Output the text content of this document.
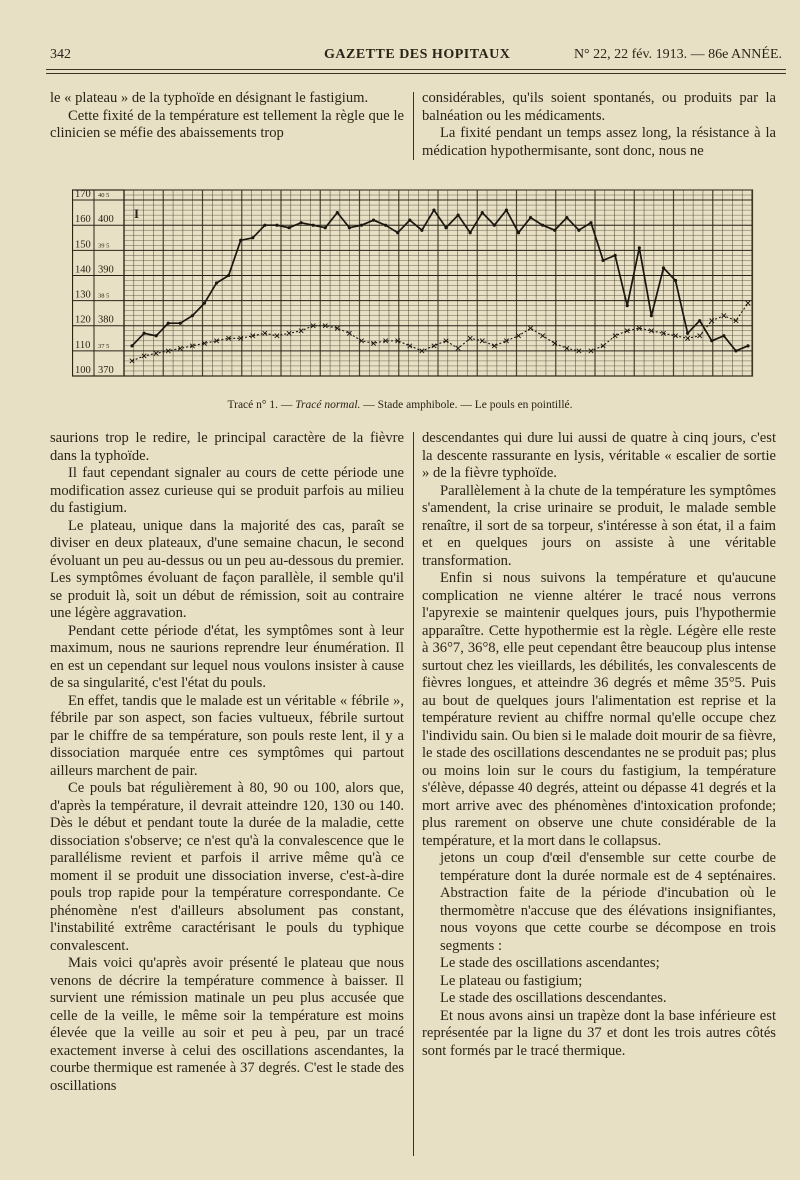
342	GAZETTE DES HOPITAUX	N° 22, 22 fév. 1913. — 86e ANNÉE.

le « plateau » de la typhoïde en désignant le fastigium.

Cette fixité de la température est tellement la règle que le clinicien se méfie des abaissements trop

considérables, qu'ils soient spontanés, ou produits par la balnéation ou les médicaments.

La fixité pendant un temps assez long, la résistance à la médication hypothermisante, sont donc, nous ne

170 40 5
160 400
150 39 5
140 390
130 38 5
120 380
110 37 5
100 370
I
Tracé n° 1. — Tracé normal. — Stade amphibole. — Le pouls en pointillé.

saurions trop le redire, le principal caractère de la fièvre dans la typhoïde.

Il faut cependant signaler au cours de cette période une modification assez curieuse qui se produit parfois au milieu du fastigium.

Le plateau, unique dans la majorité des cas, paraît se diviser en deux plateaux, d'une semaine chacun, le second évoluant un peu au-dessus ou un peu au-dessous du premier. Les symptômes évoluant de façon parallèle, il semble qu'il se produit là, soit un début de rémission, soit au contraire une légère aggravation.

Pendant cette période d'état, les symptômes sont à leur maximum, nous ne saurions reprendre leur énumération. Il en est un cependant sur lequel nous voulons insister à cause de sa singularité, c'est l'état du pouls.

En effet, tandis que le malade est un véritable « fébrile », fébrile par son aspect, son facies vultueux, fébrile surtout par le chiffre de sa température, son pouls reste lent, il y a dissociation marquée entre ces symptômes qui partout ailleurs marchent de pair.

Ce pouls bat régulièrement à 80, 90 ou 100, alors que, d'après la température, il devrait atteindre 120, 130 ou 140. Dès le début et pendant toute la durée de la maladie, cette dissociation s'observe; ce n'est qu'à la convalescence que le parallélisme revient et parfois il arrive même qu'à ce moment il se produit une dissociation inverse, c'est-à-dire pouls trop rapide pour la température correspondante. Ce phénomène n'est d'ailleurs absolument pas constant, l'instabilité extrême caractérisant le pouls du typhique convalescent.

Mais voici qu'après avoir présenté le plateau que nous venons de décrire la température commence à baisser. Il survient une rémission matinale un peu plus accusée que celle de la veille, le même soir la température est moins élevée que la veille au soir et peu à peu, par un tracé exactement inverse à celui des oscillations ascendantes, la courbe thermique est ramenée à 37 degrés. C'est le stade des oscillations

descendantes qui dure lui aussi de quatre à cinq jours, c'est la descente rassurante en lysis, véritable « escalier de sortie » de la fièvre typhoïde.

Parallèlement à la chute de la température les symptômes s'amendent, la crise urinaire se produit, le malade semble renaître, il sort de sa torpeur, s'intéresse à son état, il a faim et en quelques jours on assiste à une véritable transformation.

Enfin si nous suivons la température et qu'aucune complication ne vienne altérer le tracé nous verrons l'apyrexie se maintenir quelques jours, puis l'hypothermie apparaître. Cette hypothermie est la règle. Légère elle reste à 36°7, 36°8, elle peut cependant être beaucoup plus intense surtout chez les vieillards, les débilités, les convalescents de fièvres longues, et atteindre 36 degrés et même 35°5. Puis au bout de quelques jours l'alimentation est reprise et la température revient au chiffre normal qu'elle occupe chez l'individu sain. Ou bien si le malade doit mourir de sa fièvre, le stade des oscillations descendantes ne se produit pas; plus ou moins loin sur le cours du fastigium, la température s'élève, dépasse 40 degrés, atteint ou dépasse 41 degrés et la mort arrive avec des phénomènes d'intoxication profonde; plus rarement on observe une chute considérable de la température, et la mort dans le collapsus.

jetons un coup d'œil d'ensemble sur cette courbe de température dont la durée normale est de 4 septénaires. Abstraction faite de la période d'incubation où le thermomètre n'accuse que des élévations insignifiantes, nous voyons que cette courbe se décompose en trois segments :

Le stade des oscillations ascendantes;

Le plateau ou fastigium;

Le stade des oscillations descendantes.

Et nous avons ainsi un trapèze dont la base inférieure est représentée par la ligne du 37 et dont les trois autres côtés sont formés par le tracé thermique.
